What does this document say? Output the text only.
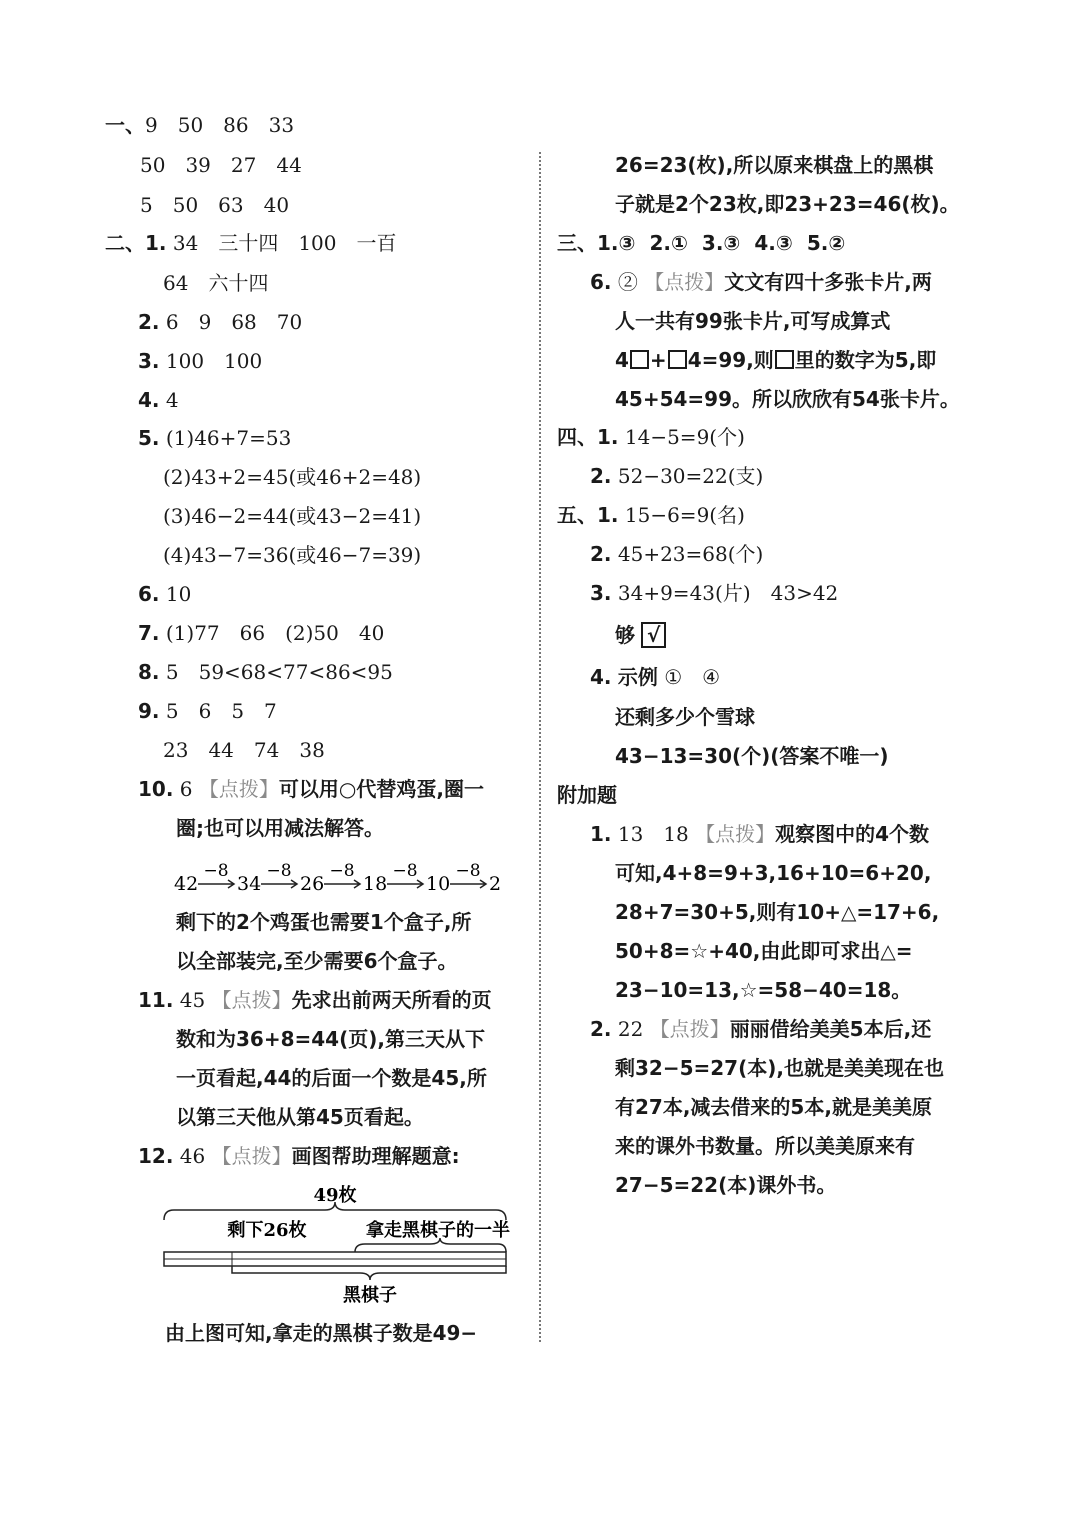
一、9　50　86　33
50　39　27　44
5　50　63　40
二、1. 34　三十四　100　一百
64　六十四
2. 6　9　68　70
3. 100　100
4. 4
5. (1)46+7=53
(2)43+2=45(或46+2=48)
(3)46−2=44(或43−2=41)
(4)43−7=36(或46−7=39)
6. 10
7. (1)77　66　(2)50　40
8. 5　59<68<77<86<95
9. 5　6　5　7
23　44　74　38
10. 6 【点拨】可以用○代替鸡蛋,圈一
圈;也可以用减法解答。
42
−8
34
−8
26
−8
18
−8
10
−8
2
剩下的2个鸡蛋也需要1个盒子,所
以全部装完,至少需要6个盒子。
11. 45 【点拨】先求出前两天所看的页
数和为36+8=44(页),第三天从下
一页看起,44的后面一个数是45,所
以第三天他从第45页看起。
12. 46 【点拨】画图帮助理解题意:
49枚
剩下26枚	拿走黑棋子的一半
黑棋子
由上图可知,拿走的黑棋子数是49−
26=23(枚),所以原来棋盘上的黑棋
子就是2个23枚,即23+23=46(枚)。
三、1.③ 2.① 3.③ 4.③ 5.②
6. ② 【点拨】文文有四十多张卡片,两
人一共有99张卡片,可写成算式
4 + 4=99,则 里的数字为5,即
45+54=99。所以欣欣有54张卡片。
四、1. 14−5=9(个)
2. 52−30=22(支)
五、1. 15−6=9(名)
2. 45+23=68(个)
3. 34+9=43(片)　43>42
够 √
4. 示例 ①　④
还剩多少个雪球
43−13=30(个)(答案不唯一)
附加题
1. 13　18 【点拨】观察图中的4个数
可知,4+8=9+3,16+10=6+20,
28+7=30+5,则有10+△=17+6,
50+8=☆+40,由此即可求出△=
23−10=13,☆=58−40=18。
2. 22 【点拨】丽丽借给美美5本后,还
剩32−5=27(本),也就是美美现在也
有27本,减去借来的5本,就是美美原
来的课外书数量。所以美美原来有
27−5=22(本)课外书。
